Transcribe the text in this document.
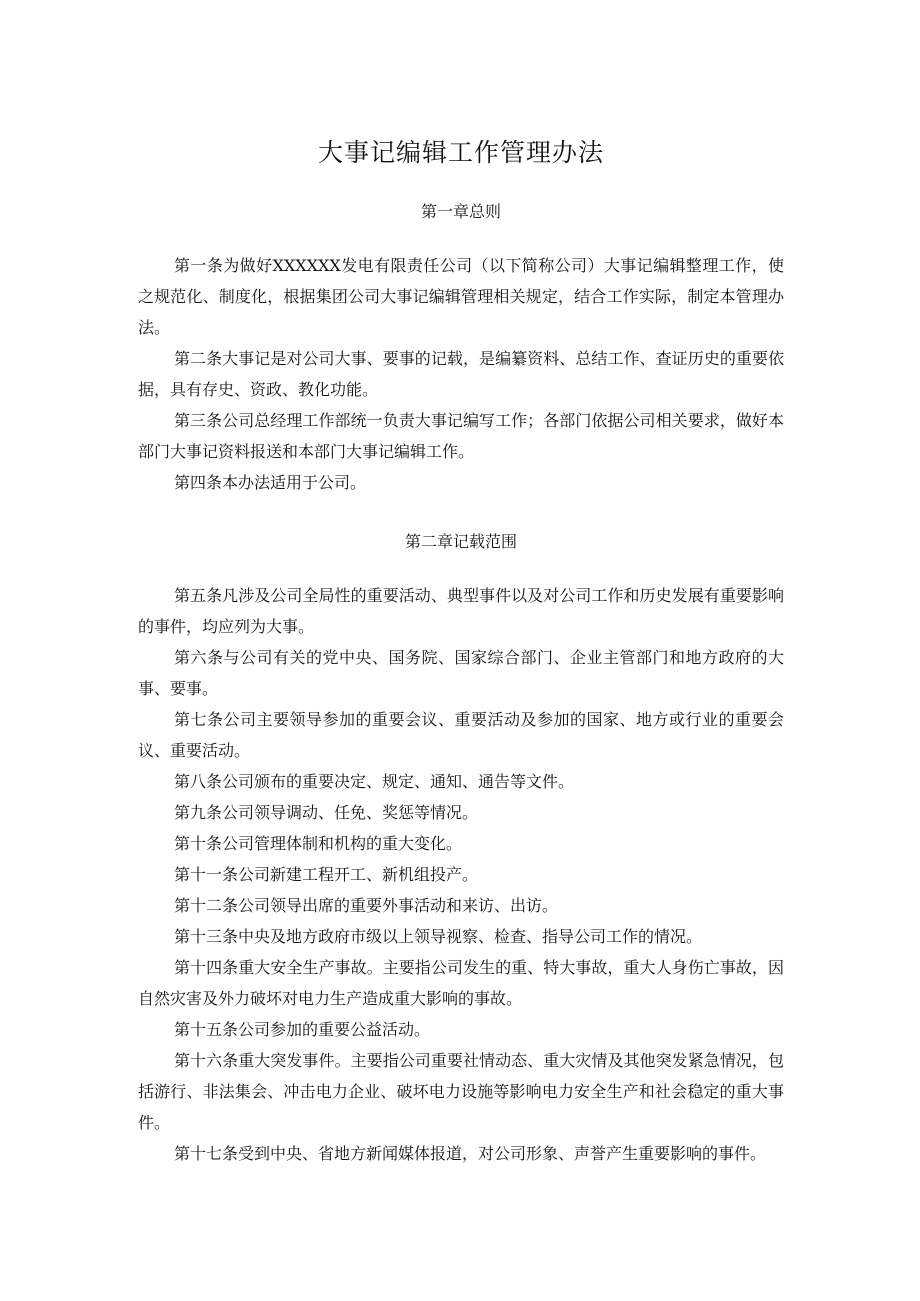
大事记编辑工作管理办法
第一章总则

第一条为做好XXXXXX发电有限责任公司（以下简称公司）大事记编辑整理工作，使之规范化、制度化，根据集团公司大事记编辑管理相关规定，结合工作实际，制定本管理办法。

第二条大事记是对公司大事、要事的记载，是编纂资料、总结工作、查证历史的重要依据，具有存史、资政、教化功能。

第三条公司总经理工作部统一负责大事记编写工作；各部门依据公司相关要求，做好本部门大事记资料报送和本部门大事记编辑工作。

第四条本办法适用于公司。

第二章记载范围

第五条凡涉及公司全局性的重要活动、典型事件以及对公司工作和历史发展有重要影响的事件，均应列为大事。

第六条与公司有关的党中央、国务院、国家综合部门、企业主管部门和地方政府的大事、要事。

第七条公司主要领导参加的重要会议、重要活动及参加的国家、地方或行业的重要会议、重要活动。

第八条公司颁布的重要决定、规定、通知、通告等文件。

第九条公司领导调动、任免、奖惩等情况。

第十条公司管理体制和机构的重大变化。

第十一条公司新建工程开工、新机组投产。

第十二条公司领导出席的重要外事活动和来访、出访。

第十三条中央及地方政府市级以上领导视察、检查、指导公司工作的情况。

第十四条重大安全生产事故。主要指公司发生的重、特大事故，重大人身伤亡事故，因自然灾害及外力破坏对电力生产造成重大影响的事故。

第十五条公司参加的重要公益活动。

第十六条重大突发事件。主要指公司重要社情动态、重大灾情及其他突发紧急情况，包括游行、非法集会、冲击电力企业、破坏电力设施等影响电力安全生产和社会稳定的重大事件。

第十七条受到中央、省地方新闻媒体报道，对公司形象、声誉产生重要影响的事件。
